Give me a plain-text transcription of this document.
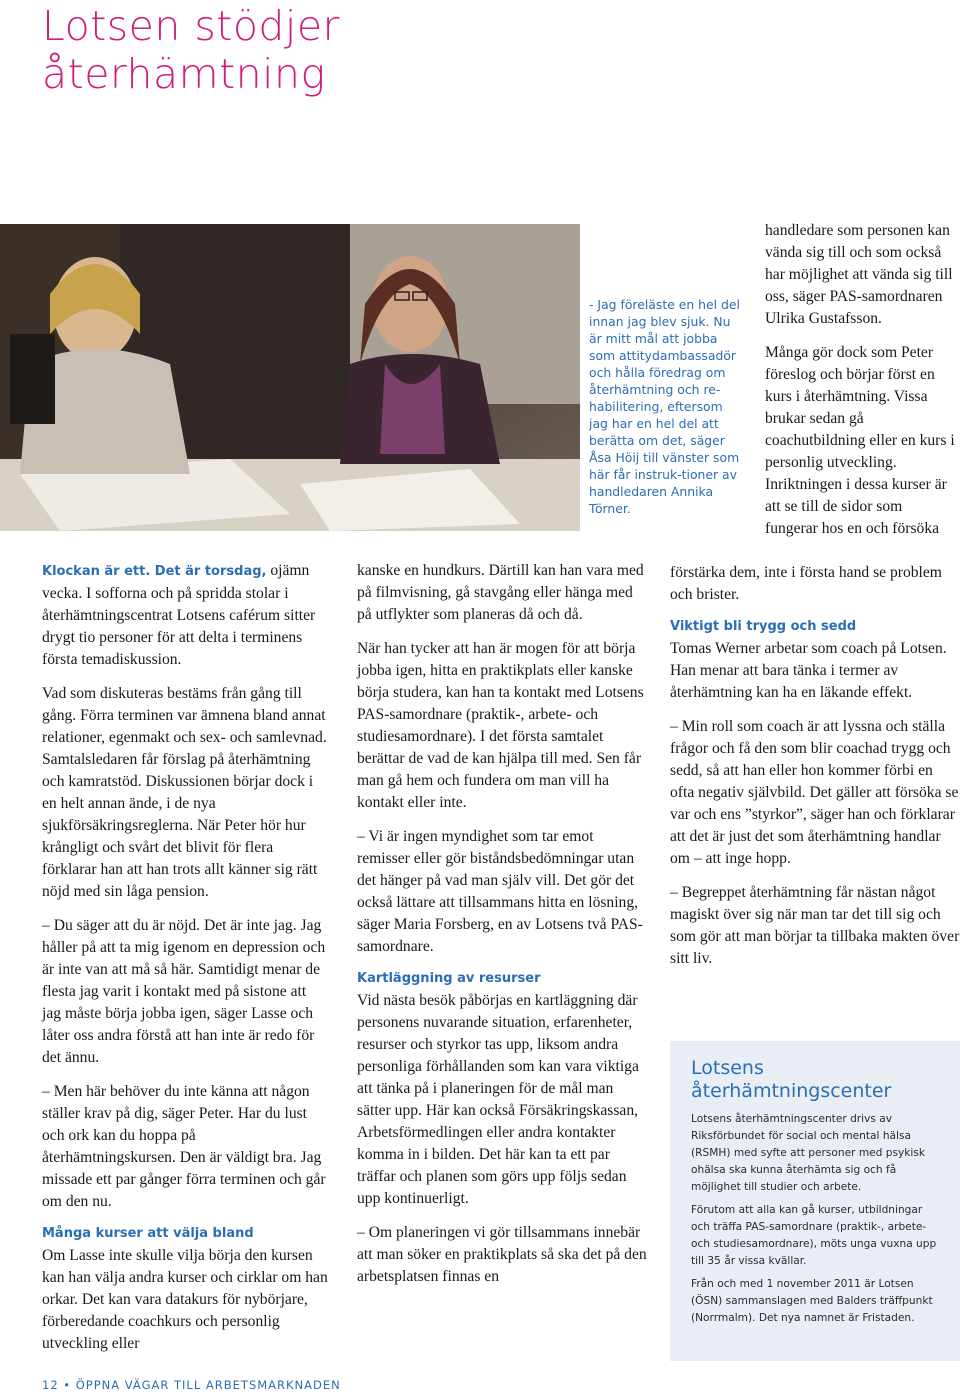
Lotsen stödjer
återhämtning
- Jag föreläste en hel del innan jag blev sjuk. Nu är mitt mål att jobba som attitydambassadör och hålla föredrag om återhämtning och re-habilitering, eftersom jag har en hel del att berätta om det, säger Åsa Höij till vänster som här får instruk-tioner av handledaren Annika Törner.

Klockan är ett. Det är torsdag, ojämn vecka. I sofforna och på spridda stolar i återhämtningscentrat Lotsens caférum sitter drygt tio personer för att delta i terminens första temadiskussion.

Vad som diskuteras bestäms från gång till gång. Förra terminen var ämnena bland annat relationer, egenmakt och sex- och samlevnad. Samtalsledaren får förslag på återhämtning och kamratstöd. Diskussionen börjar dock i en helt annan ände, i de nya sjukförsäkringsreglerna. När Peter hör hur krångligt och svårt det blivit för flera förklarar han att han trots allt känner sig rätt nöjd med sin låga pension.

– Du säger att du är nöjd. Det är inte jag. Jag håller på att ta mig igenom en depression och är inte van att må så här. Samtidigt menar de flesta jag varit i kontakt med på sistone att jag måste börja jobba igen, säger Lasse och låter oss andra förstå att han inte är redo för det ännu.

– Men här behöver du inte känna att någon ställer krav på dig, säger Peter. Har du lust och ork kan du hoppa på återhämtningskursen. Den är väldigt bra. Jag missade ett par gånger förra terminen och går om den nu.

Många kurser att välja bland

Om Lasse inte skulle vilja börja den kursen kan han välja andra kurser och cirklar om han orkar. Det kan vara datakurs för nybörjare, förberedande coachkurs och personlig utveckling eller

kanske en hundkurs. Därtill kan han vara med på filmvisning, gå stavgång eller hänga med på utflykter som planeras då och då.

När han tycker att han är mogen för att börja jobba igen, hitta en praktikplats eller kanske börja studera, kan han ta kontakt med Lotsens PAS-samordnare (praktik-, arbete- och studiesamordnare). I det första samtalet berättar de vad de kan hjälpa till med. Sen får man gå hem och fundera om man vill ha kontakt eller inte.

– Vi är ingen myndighet som tar emot remisser eller gör biståndsbedömningar utan det hänger på vad man själv vill. Det gör det också lättare att tillsammans hitta en lösning, säger Maria Forsberg, en av Lotsens två PAS-samordnare.

Kartläggning av resurser

Vid nästa besök påbörjas en kartläggning där personens nuvarande situation, erfarenheter, resurser och styrkor tas upp, liksom andra personliga förhållanden som kan vara viktiga att tänka på i planeringen för de mål man sätter upp. Här kan också Försäkringskassan, Arbetsförmedlingen eller andra kontakter komma in i bilden. Det här kan ta ett par träffar och planen som görs upp följs sedan upp kontinuerligt.

– Om planeringen vi gör tillsammans innebär att man söker en praktikplats så ska det på den arbetsplatsen finnas en

handledare som personen kan vända sig till och som också har möjlighet att vända sig till oss, säger PAS-samordnaren Ulrika Gustafsson.

Många gör dock som Peter föreslog och börjar först en kurs i återhämtning. Vissa brukar sedan gå coachutbildning eller en kurs i personlig utveckling. Inriktningen i dessa kurser är att se till de sidor som fungerar hos en och försöka

förstärka dem, inte i första hand se problem och brister.

Viktigt bli trygg och sedd

Tomas Werner arbetar som coach på Lotsen. Han menar att bara tänka i termer av återhämtning kan ha en läkande effekt.

– Min roll som coach är att lyssna och ställa frågor och få den som blir coachad trygg och sedd, så att han eller hon kommer förbi en ofta negativ självbild. Det gäller att försöka se var och ens ”styrkor”, säger han och förklarar att det är just det som återhämtning handlar om – att inge hopp.

– Begreppet återhämtning får nästan något magiskt över sig när man tar det till sig och som gör att man börjar ta tillbaka makten över sitt liv.

Lotsens
återhämtningscenter

Lotsens återhämtningscenter drivs av Riksförbundet för social och mental hälsa (RSMH) med syfte att personer med psykisk ohälsa ska kunna återhämta sig och få möjlighet till studier och arbete.

Förutom att alla kan gå kurser, utbildningar och träffa PAS-samordnare (praktik-, arbete- och studiesamordnare), möts unga vuxna upp till 35 år vissa kvällar.

Från och med 1 november 2011 är Lotsen (ÖSN) sammanslagen med Balders träffpunkt (Norrmalm). Det nya namnet är Fristaden.

12 • ÖPPNA VÄGAR TILL ARBETSMARKNADEN
